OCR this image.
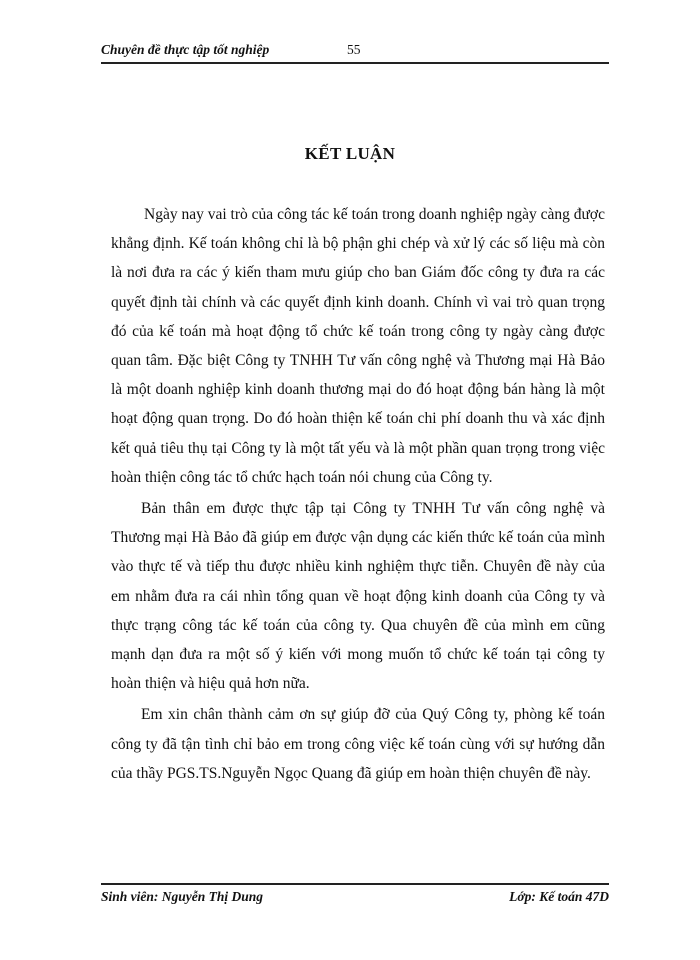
Chuyên đề thực tập tốt nghiệp	55
KẾT LUẬN

Ngày nay vai trò của công tác kế toán trong doanh nghiệp ngày càng được khẳng định. Kế toán không chỉ là bộ phận ghi chép và xử lý các số liệu mà còn là nơi đưa ra các ý kiến tham mưu giúp cho ban Giám đốc công ty đưa ra các quyết định tài chính và các quyết định kinh doanh. Chính vì vai trò quan trọng đó của kế toán mà hoạt động tổ chức kế toán trong công ty ngày càng được quan tâm. Đặc biệt Công ty TNHH Tư vấn công nghệ và Thương mại Hà Bảo là một doanh nghiệp kinh doanh thương mại do đó hoạt động bán hàng là một hoạt động quan trọng. Do đó hoàn thiện kế toán chi phí doanh thu và xác định kết quả tiêu thụ tại Công ty là một tất yếu và là một phần quan trọng trong việc hoàn thiện công tác tổ chức hạch toán nói chung của Công ty.

Bản thân em được thực tập tại Công ty TNHH Tư vấn công nghệ và Thương mại Hà Bảo đã giúp em được vận dụng các kiến thức kế toán của mình vào thực tế và tiếp thu được nhiều kinh nghiệm thực tiễn. Chuyên đề này của em nhằm đưa ra cái nhìn tổng quan về hoạt động kinh doanh của Công ty và thực trạng công tác kế toán của công ty. Qua chuyên đề của mình em cũng mạnh dạn đưa ra một số ý kiến với mong muốn tổ chức kế toán tại công ty hoàn thiện và hiệu quả hơn nữa.

Em xin chân thành cảm ơn sự giúp đỡ của Quý Công ty, phòng kế toán công ty đã tận tình chỉ bảo em trong công việc kế toán cùng với sự hướng dẫn của thầy PGS.TS.Nguyễn Ngọc Quang đã giúp em hoàn thiện chuyên đề này.

Sinh viên: Nguyễn Thị Dung	Lớp: Kế toán 47D
